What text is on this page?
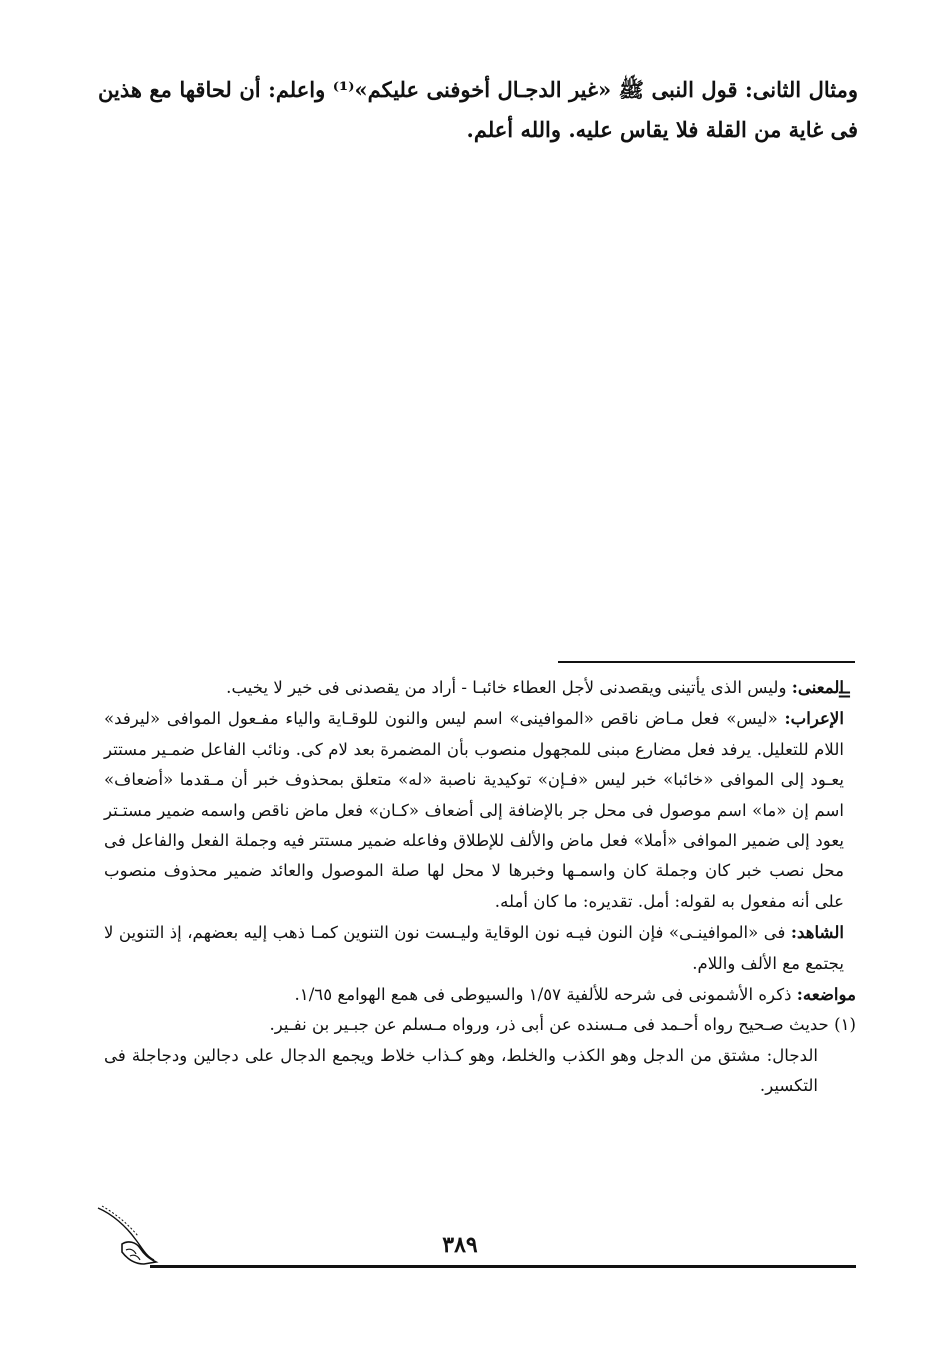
ومثال الثانى: قول النبى ﷺ «غير الدجـال أخوفنى عليكم»⁽¹⁾ واعلم: أن لحاقها مع هذين فى غاية من القلة فلا يقاس عليه. والله أعلم.

=

المعنى: وليس الذى يأتينى ويقصدنى لأجل العطاء خائبـا - أراد من يقصدنى فى خير لا يخيب.

الإعراب: «ليس» فعل مـاض ناقص «الموافينى» اسم ليس والنون للوقـاية والياء مفـعول الموافى «ليرفد» اللام للتعليل. يرفد فعل مضارع مبنى للمجهول منصوب بأن المضمرة بعد لام كى. ونائب الفاعل ضمـير مستتر يعـود إلى الموافى «خائبا» خبر ليس «فـإن» توكيدية ناصبة «له» متعلق بمحذوف خبر أن مـقدما «أضعاف» اسم إن «ما» اسم موصول فى محل جر بالإضافة إلى أضعاف «كـان» فعل ماض ناقص واسمه ضمير مستـتر يعود إلى ضمير الموافى «أملا» فعل ماض والألف للإطلاق وفاعله ضمير مستتر فيه وجملة الفعل والفاعل فى محل نصب خبر كان وجملة كان واسمـها وخبرها لا محل لها صلة الموصول والعائد ضمير محذوف منصوب على أنه مفعول به لقوله: أمل. تقديره: ما كان أمله.

الشاهد: فى «الموافينـى» فإن النون فيـه نون الوقاية وليـست نون التنوين كمـا ذهب إليه بعضهم، إذ التنوين لا يجتمع مع الألف واللام.

مواضعه: ذكره الأشمونى فى شرحه للألفية ١/٥٧ والسيوطى فى همع الهوامع ١/٦٥.

(١) حديث صـحيح رواه أحـمد فى مـسنده عن أبى ذر، ورواه مـسلم عن جبـير بن نفـير.

الدجال: مشتق من الدجل وهو الكذب والخلط، وهو كـذاب خلاط ويجمع الدجال على دجالين ودجاجلة فى التكسير.

٣٨٩
